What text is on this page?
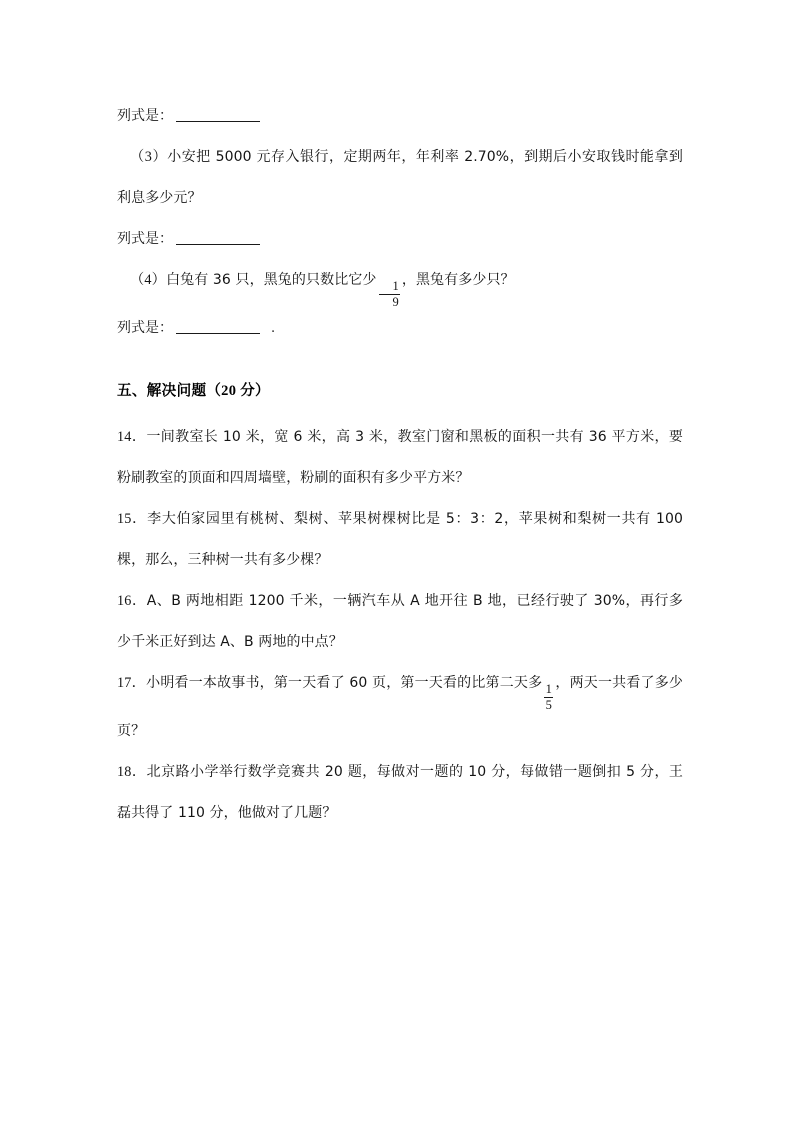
列式是：
（3）小安把 5000 元存入银行，定期两年，年利率 2.70%，到期后小安取钱时能拿到利息多少元？
列式是：
（4）白兔有 36 只，黑兔的只数比它少
$\frac{1}{9}$
，黑兔有多少只？
列式是：	.
五、解决问题（20 分）
14．一间教室长 10 米，宽 6 米，高 3 米，教室门窗和黑板的面积一共有 36 平方米，要粉刷教室的顶面和四周墙壁，粉刷的面积有多少平方米？
15．李大伯家园里有桃树、梨树、苹果树棵树比是 5：3：2，苹果树和梨树一共有 100 棵，那么，三种树一共有多少棵？
16．A、B 两地相距 1200 千米，一辆汽车从 A 地开往 B 地，已经行驶了 30%，再行多少千米正好到达 A、B 两地的中点？
17．小明看一本故事书，第一天看了 60 页，第一天看的比第二天多
$\frac{1}{5}$
，两天一共看了多少页？
18．北京路小学举行数学竞赛共 20 题，每做对一题的 10 分，每做错一题倒扣 5 分，王磊共得了 110 分，他做对了几题？
